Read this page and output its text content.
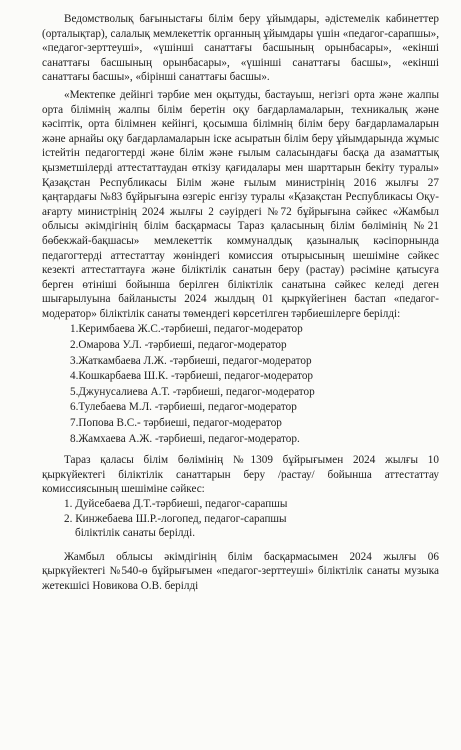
Ведомстволық бағыныстағы білім беру ұйымдары, әдістемелік кабинеттер (орталықтар), салалық мемлекеттік органның ұйымдары үшін «педагог-сарапшы», «педагог-зерттеуші», «үшінші санаттағы басшының орынбасары», «екінші санаттағы басшының орынбасары», «үшінші санаттағы басшы», «екінші санаттағы басшы», «бірінші санаттағы басшы».

«Мектепке дейінгі тәрбие мен оқытуды, бастауыш, негізгі орта және жалпы орта білімнің жалпы білім беретін оқу бағдарламаларын, техникалық және кәсіптік, орта білімнен кейінгі, қосымша білімнің білім беру бағдарламаларын және арнайы оқу бағдарламаларын іске асыратын білім беру ұйымдарында жұмыс істейтін педагогтерді және білім және ғылым саласындағы басқа да азаматтық қызметшілерді аттестаттаудан өткізу қағидалары мен шарттарын бекіту туралы» Қазақстан Республикасы Білім және ғылым министрінің 2016 жылғы 27 қаңтардағы №83 бұйрығына өзгеріс енгізу туралы «Қазақстан Республикасы Оқу-ағарту министрінің 2024 жылғы 2 сәуірдегі №72 бұйрығына сәйкес «Жамбыл облысы әкімдігінің білім басқармасы Тараз қаласының білім бөлімінің №21 бөбекжай-бақшасы» мемлекеттік коммуналдық қазыналық кәсіпорнында педагогтерді аттестаттау жөніндегі комиссия отырысының шешіміне сәйкес кезекті аттестаттауға және біліктілік санатын беру (растау) рәсіміне қатысуға берген өтініші бойынша берілген біліктілік санатына сәйкес келеді деген шығарылуына байланысты 2024 жылдың 01 қыркүйегінен бастап «педагог-модератор» біліктілік санаты төмендегі көрсетілген тәрбиешілерге берілді:

1.Керимбаева Ж.С.-тәрбиеші, педагог-модератор
2.Омарова У.Л. -тәрбиеші, педагог-модератор
3.Жаткамбаева Л.Ж. -тәрбиеші, педагог-модератор
4.Кошкарбаева Ш.К. -тәрбиеші, педагог-модератор
5.Джунусалиева А.Т. -тәрбиеші, педагог-модератор
6.Тулебаева М.Л. -тәрбиеші, педагог-модератор
7.Попова В.С.- тәрбиеші, педагог-модератор
8.Жамхаева А.Ж. -тәрбиеші, педагог-модератор.

Тараз қаласы білім бөлімінің №1309 бұйрығымен 2024 жылғы 10 қыркүйектегі біліктілік санаттарын беру /растау/ бойынша аттестаттау комиссиясының шешіміне сәйкес:

1. Дуйсебаева Д.Т.-тәрбиеші, педагог-сарапшы
2. Кинжебаева Ш.Р.-логопед, педагог-сарапшы
біліктілік санаты берілді.

Жамбыл облысы әкімдігінің білім басқармасымен 2024 жылғы 06 қыркүйектегі №540-ө бұйрығымен «педагог-зерттеуші» біліктілік санаты музыка жетекшісі Новикова О.В. берілді
